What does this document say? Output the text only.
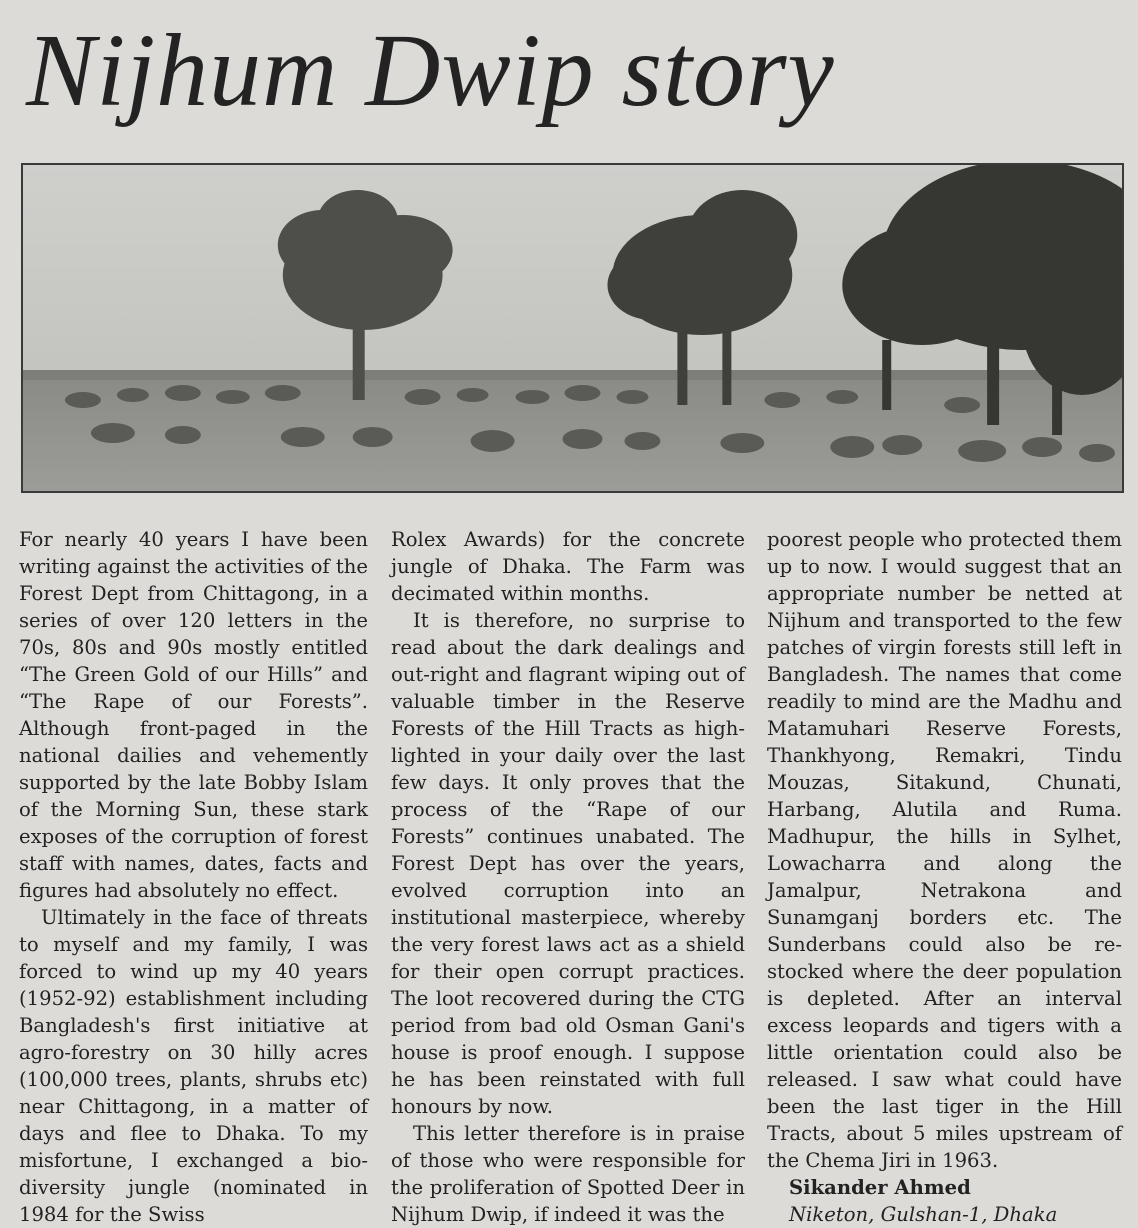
Nijhum Dwip story

For nearly 40 years I have been writing against the activities of the Forest Dept from Chittagong, in a series of over 120 letters in the 70s, 80s and 90s mostly entitled “The Green Gold of our Hills” and “The Rape of our Forests”. Although front-paged in the national dailies and vehemently supported by the late Bobby Islam of the Morning Sun, these stark exposes of the corruption of forest staff with names, dates, facts and figures had absolutely no effect.

Ultimately in the face of threats to myself and my family, I was forced to wind up my 40 years (1952-92) establishment including Bangladesh's first initiative at agro-forestry on 30 hilly acres (100,000 trees, plants, shrubs etc) near Chittagong, in a matter of days and flee to Dhaka. To my misfortune, I exchanged a bio-diversity jungle (nominated in 1984 for the Swiss

Rolex Awards) for the concrete jungle of Dhaka. The Farm was decimated within months.

It is therefore, no surprise to read about the dark dealings and out-right and flagrant wiping out of valuable timber in the Reserve Forests of the Hill Tracts as high-lighted in your daily over the last few days. It only proves that the process of the “Rape of our Forests” continues unabated. The Forest Dept has over the years, evolved corruption into an institutional masterpiece, whereby the very forest laws act as a shield for their open corrupt practices. The loot recovered during the CTG period from bad old Osman Gani's house is proof enough. I suppose he has been reinstated with full honours by now.

This letter therefore is in praise of those who were responsible for the proliferation of Spotted Deer in Nijhum Dwip, if indeed it was the

poorest people who protected them up to now. I would suggest that an appropriate number be netted at Nijhum and transported to the few patches of virgin forests still left in Bangladesh. The names that come readily to mind are the Madhu and Matamuhari Reserve Forests, Thankhyong, Remakri, Tindu Mouzas, Sitakund, Chunati, Harbang, Alutila and Ruma. Madhupur, the hills in Sylhet, Lowacharra and along the Jamalpur, Netrakona and Sunamganj borders etc. The Sunderbans could also be re-stocked where the deer population is depleted. After an interval excess leopards and tigers with a little orientation could also be released. I saw what could have been the last tiger in the Hill Tracts, about 5 miles upstream of the Chema Jiri in 1963.

Sikander Ahmed

Niketon, Gulshan-1, Dhaka
